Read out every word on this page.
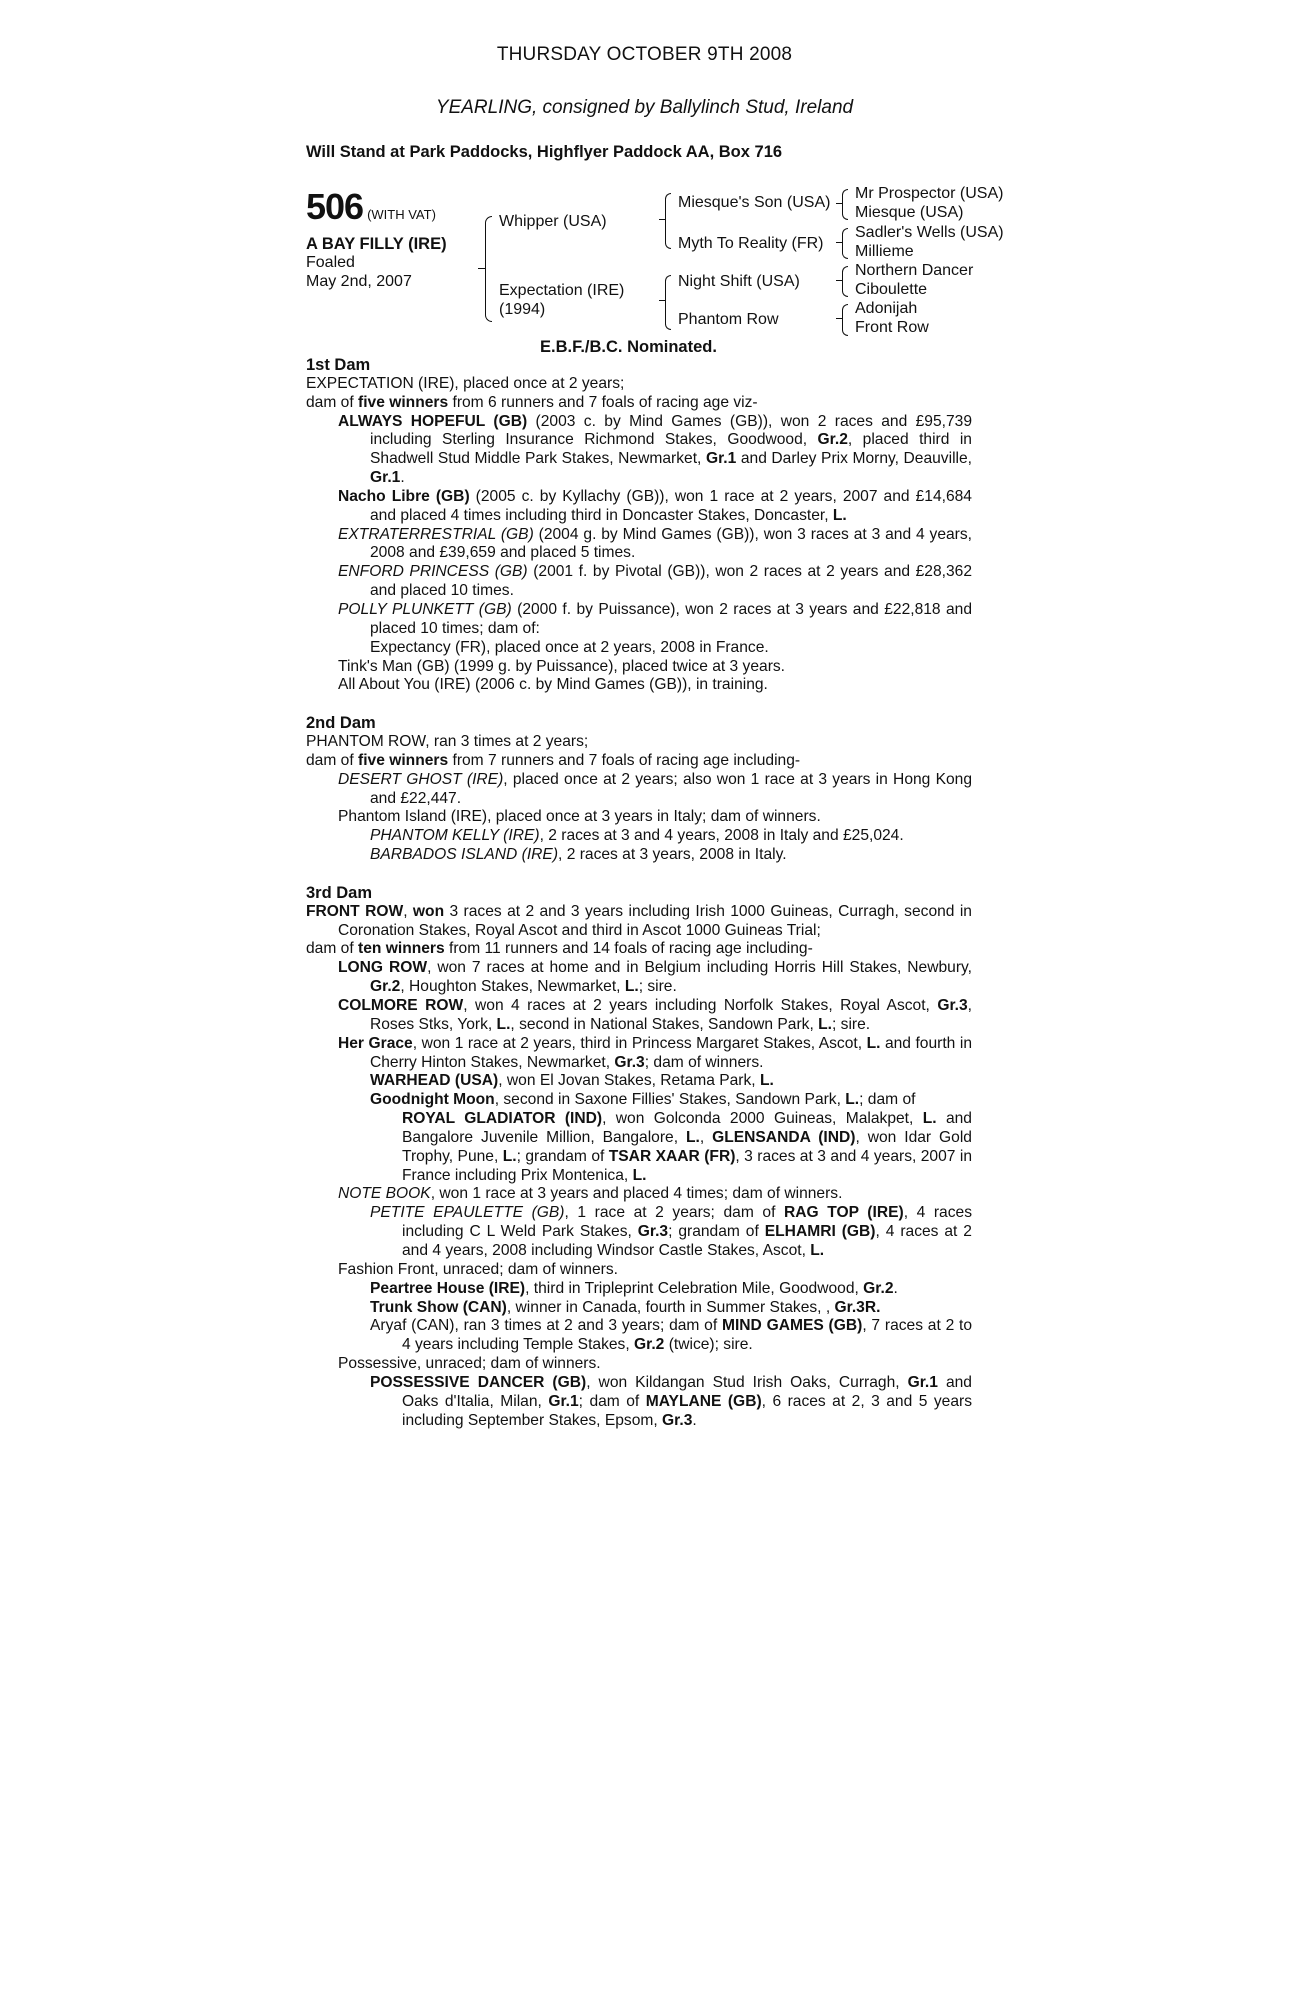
THURSDAY OCTOBER 9TH 2008
YEARLING, consigned by Ballylinch Stud, Ireland
Will Stand at Park Paddocks, Highflyer Paddock AA, Box 716
506 (WITH VAT)
A BAY FILLY (IRE)
Foaled
May 2nd, 2007
Whipper (USA)
Expectation (IRE)
(1994)
Miesque's Son (USA)
Myth To Reality (FR)
Night Shift (USA)
Phantom Row
Mr Prospector (USA)
Miesque (USA)
Sadler's Wells (USA)
Millieme
Northern Dancer
Ciboulette
Adonijah
Front Row
E.B.F./B.C. Nominated.

1st Dam

EXPECTATION (IRE), placed once at 2 years;

dam of five winners from 6 runners and 7 foals of racing age viz-

ALWAYS HOPEFUL (GB) (2003 c. by Mind Games (GB)), won 2 races and £95,739 including Sterling Insurance Richmond Stakes, Goodwood, Gr.2, placed third in Shadwell Stud Middle Park Stakes, Newmarket, Gr.1 and Darley Prix Morny, Deauville, Gr.1.

Nacho Libre (GB) (2005 c. by Kyllachy (GB)), won 1 race at 2 years, 2007 and £14,684 and placed 4 times including third in Doncaster Stakes, Doncaster, L.

EXTRATERRESTRIAL (GB) (2004 g. by Mind Games (GB)), won 3 races at 3 and 4 years, 2008 and £39,659 and placed 5 times.

ENFORD PRINCESS (GB) (2001 f. by Pivotal (GB)), won 2 races at 2 years and £28,362 and placed 10 times.

POLLY PLUNKETT (GB) (2000 f. by Puissance), won 2 races at 3 years and £22,818 and placed 10 times; dam of:

Expectancy (FR), placed once at 2 years, 2008 in France.

Tink's Man (GB) (1999 g. by Puissance), placed twice at 3 years.

All About You (IRE) (2006 c. by Mind Games (GB)), in training.

2nd Dam

PHANTOM ROW, ran 3 times at 2 years;

dam of five winners from 7 runners and 7 foals of racing age including-

DESERT GHOST (IRE), placed once at 2 years; also won 1 race at 3 years in Hong Kong and £22,447.

Phantom Island (IRE), placed once at 3 years in Italy; dam of winners.

PHANTOM KELLY (IRE), 2 races at 3 and 4 years, 2008 in Italy and £25,024.

BARBADOS ISLAND (IRE), 2 races at 3 years, 2008 in Italy.

3rd Dam

FRONT ROW, won 3 races at 2 and 3 years including Irish 1000 Guineas, Curragh, second in Coronation Stakes, Royal Ascot and third in Ascot 1000 Guineas Trial;

dam of ten winners from 11 runners and 14 foals of racing age including-

LONG ROW, won 7 races at home and in Belgium including Horris Hill Stakes, Newbury, Gr.2, Houghton Stakes, Newmarket, L.; sire.

COLMORE ROW, won 4 races at 2 years including Norfolk Stakes, Royal Ascot, Gr.3, Roses Stks, York, L., second in National Stakes, Sandown Park, L.; sire.

Her Grace, won 1 race at 2 years, third in Princess Margaret Stakes, Ascot, L. and fourth in Cherry Hinton Stakes, Newmarket, Gr.3; dam of winners.

WARHEAD (USA), won El Jovan Stakes, Retama Park, L.

Goodnight Moon, second in Saxone Fillies' Stakes, Sandown Park, L.; dam of

ROYAL GLADIATOR (IND), won Golconda 2000 Guineas, Malakpet, L. and Bangalore Juvenile Million, Bangalore, L., GLENSANDA (IND), won Idar Gold Trophy, Pune, L.; grandam of TSAR XAAR (FR), 3 races at 3 and 4 years, 2007 in France including Prix Montenica, L.

NOTE BOOK, won 1 race at 3 years and placed 4 times; dam of winners.

PETITE EPAULETTE (GB), 1 race at 2 years; dam of RAG TOP (IRE), 4 races including C L Weld Park Stakes, Gr.3; grandam of ELHAMRI (GB), 4 races at 2 and 4 years, 2008 including Windsor Castle Stakes, Ascot, L.

Fashion Front, unraced; dam of winners.

Peartree House (IRE), third in Tripleprint Celebration Mile, Goodwood, Gr.2.

Trunk Show (CAN), winner in Canada, fourth in Summer Stakes, , Gr.3R.

Aryaf (CAN), ran 3 times at 2 and 3 years; dam of MIND GAMES (GB), 7 races at 2 to 4 years including Temple Stakes, Gr.2 (twice); sire.

Possessive, unraced; dam of winners.

POSSESSIVE DANCER (GB), won Kildangan Stud Irish Oaks, Curragh, Gr.1 and Oaks d'Italia, Milan, Gr.1; dam of MAYLANE (GB), 6 races at 2, 3 and 5 years including September Stakes, Epsom, Gr.3.
